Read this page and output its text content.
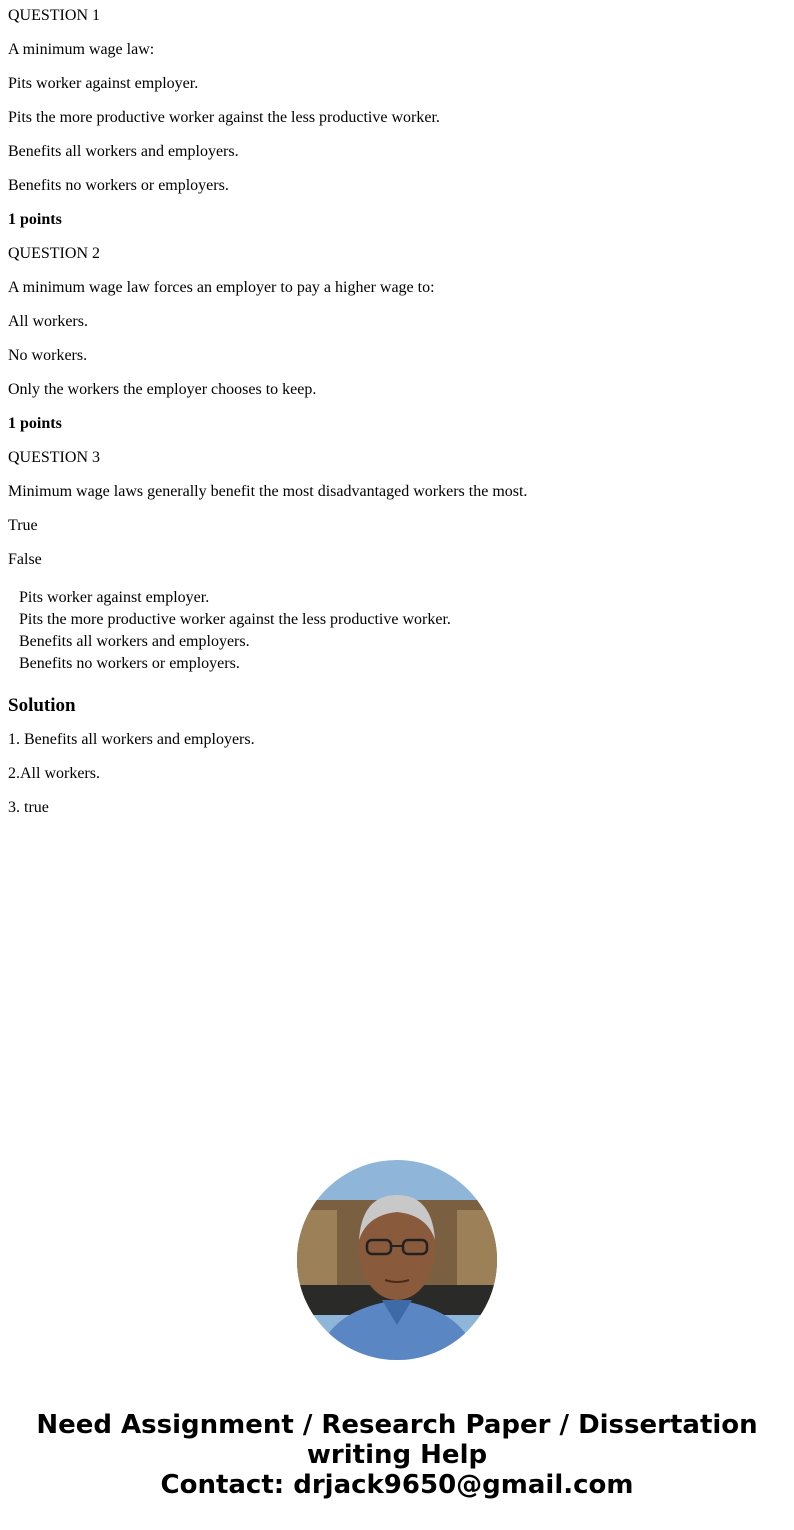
QUESTION 1

A minimum wage law:

Pits worker against employer.

Pits the more productive worker against the less productive worker.

Benefits all workers and employers.

Benefits no workers or employers.

1 points

QUESTION 2

A minimum wage law forces an employer to pay a higher wage to:

All workers.

No workers.

Only the workers the employer chooses to keep.

1 points

QUESTION 3

Minimum wage laws generally benefit the most disadvantaged workers the most.

True

False

Pits worker against employer.
Pits the more productive worker against the less productive worker.
Benefits all workers and employers.
Benefits no workers or employers.
Solution

1. Benefits all workers and employers.

2.All workers.

3. true

Need Assignment / Research Paper / Dissertation
writing Help
Contact: drjack9650@gmail.com
